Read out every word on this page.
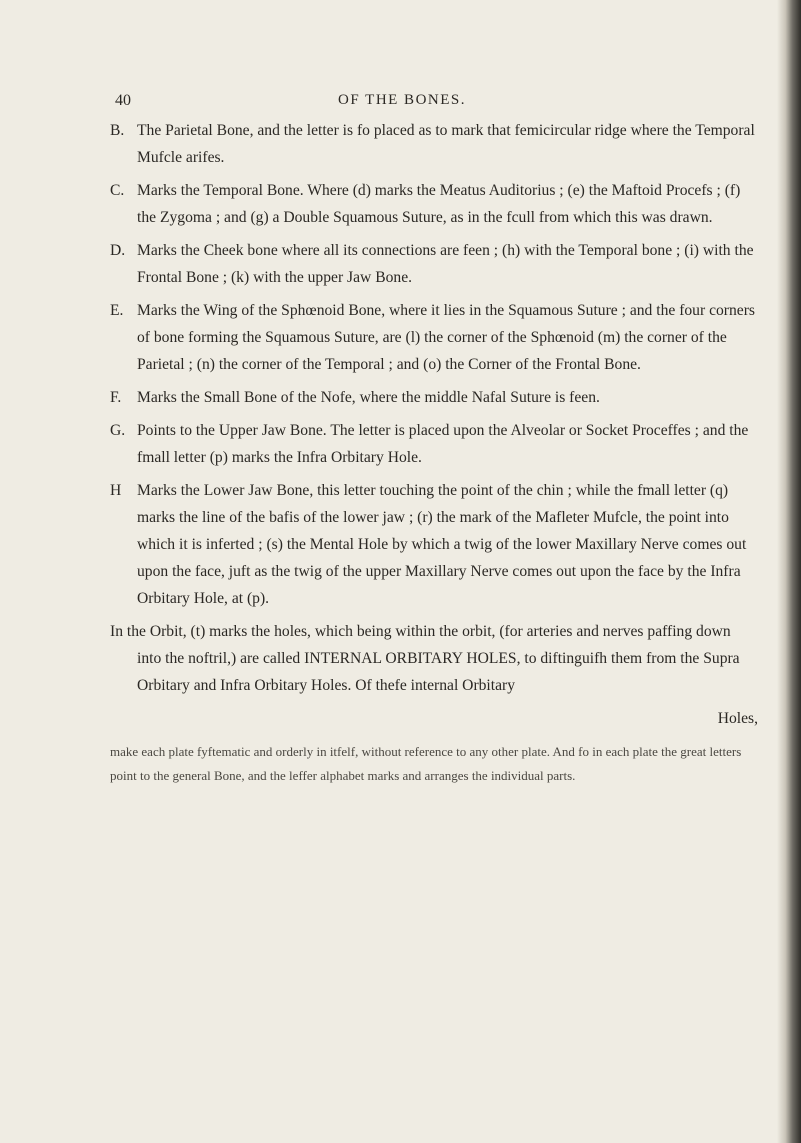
40	OF THE BONES.

B. The Parietal Bone, and the letter is fo placed as to mark that femicircular ridge where the Temporal Mufcle arifes.

C. Marks the Temporal Bone. Where (d) marks the Meatus Auditorius ; (e) the Maftoid Procefs ; (f) the Zygoma ; and (g) a Double Squamous Suture, as in the fcull from which this was drawn.

D. Marks the Cheek bone where all its connections are feen ; (h) with the Temporal bone ; (i) with the Frontal Bone ; (k) with the upper Jaw Bone.

E. Marks the Wing of the Sphœnoid Bone, where it lies in the Squamous Suture ; and the four corners of bone forming the Squamous Suture, are (l) the corner of the Sphœnoid (m) the corner of the Parietal ; (n) the corner of the Temporal ; and (o) the Corner of the Frontal Bone.

F. Marks the Small Bone of the Nofe, where the middle Nafal Suture is feen.

G. Points to the Upper Jaw Bone. The letter is placed upon the Alveolar or Socket Proceffes ; and the fmall letter (p) marks the Infra Orbitary Hole.

H Marks the Lower Jaw Bone, this letter touching the point of the chin ; while the fmall letter (q) marks the line of the bafis of the lower jaw ; (r) the mark of the Mafleter Mufcle, the point into which it is inferted ; (s) the Mental Hole by which a twig of the lower Maxillary Nerve comes out upon the face, juft as the twig of the upper Maxillary Nerve comes out upon the face by the Infra Orbitary Hole, at (p).

In the Orbit, (t) marks the holes, which being within the orbit, (for arteries and nerves paffing down into the noftril,) are called INTERNAL ORBITARY HOLES, to diftinguifh them from the Supra Orbitary and Infra Orbitary Holes. Of thefe internal Orbitary

Holes,

make each plate fyftematic and orderly in itfelf, without reference to any other plate. And fo in each plate the great letters point to the general Bone, and the leffer alphabet marks and arranges the individual parts.
